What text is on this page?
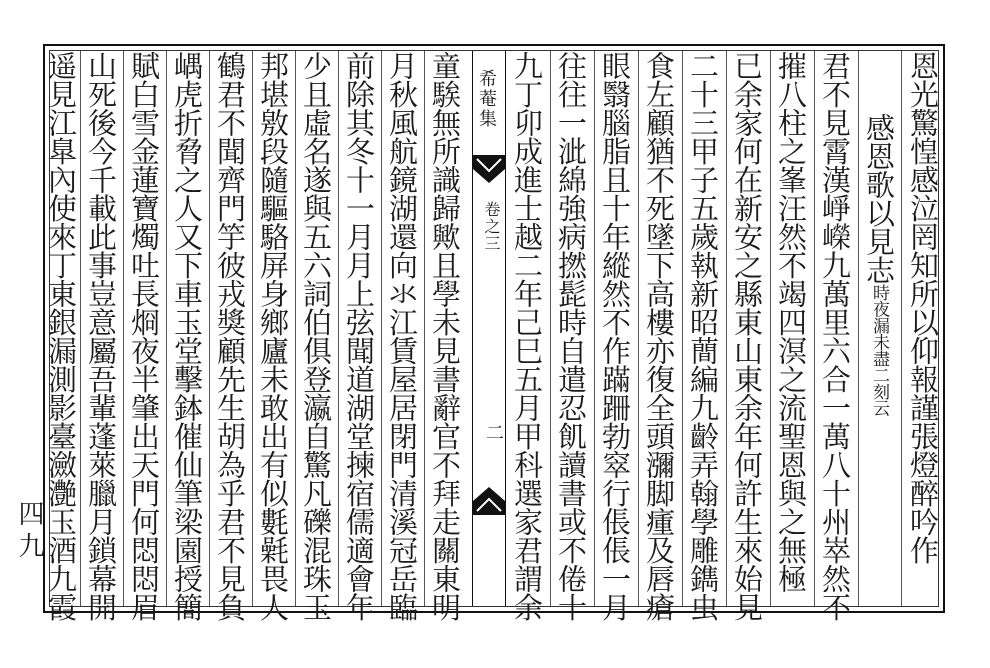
四九	恩光驚惶感泣罔知所以仰報謹張燈醉吟作
感恩歌以見志時夜漏未盡二刻云
君不見霄漢崢嶸九萬里六合一萬八十州崒然不
摧八柱之峯汪然不竭四溟之流聖恩與之無極
已余家何在新安之縣東山東余年何許生來始見
二十三甲子五歲執新昭蕳編九齡弄翰學雕鐫虫
食左顧猶不死墜下高樓亦復全頭瀰脚瘇及唇瘡
眼翳腦脂且十年縱然不作蹣跚勃窣行倀倀一月
往往一泚綿強病撚髭時自遣忍飢讀書或不倦十
九丁卯成進士越二年己巳五月甲科選家君謂余
希菴集
卷之三
二
童騃無所識歸歟且學未見書辭官不拜走關東明
月秋風航鏡湖還向氺江賃屋居閉門清溪冠岳臨
前除其冬十一月月上弦聞道湖堂揀宿儒適會年
少且虛名遂與五六詞伯俱登瀛自驚凡礫混珠玉
邦堪敫段隨驅駱屏身鄉廬未敢出有似氀氉畏人
鶴君不聞齊門竽彼戎獎顧先生胡為乎君不見負
嵎虎折脅之人又下車玉堂擊鉢催仙筆梁園授簡
賦白雪金蓮寶燭吐長烱夜半肇出天門何悶悶眉
山死後今千載此事豈意屬吾輩蓬萊臘月鎖幕開
遥見江臯內使來丁東銀漏測影臺瀲灔玉酒九霞
